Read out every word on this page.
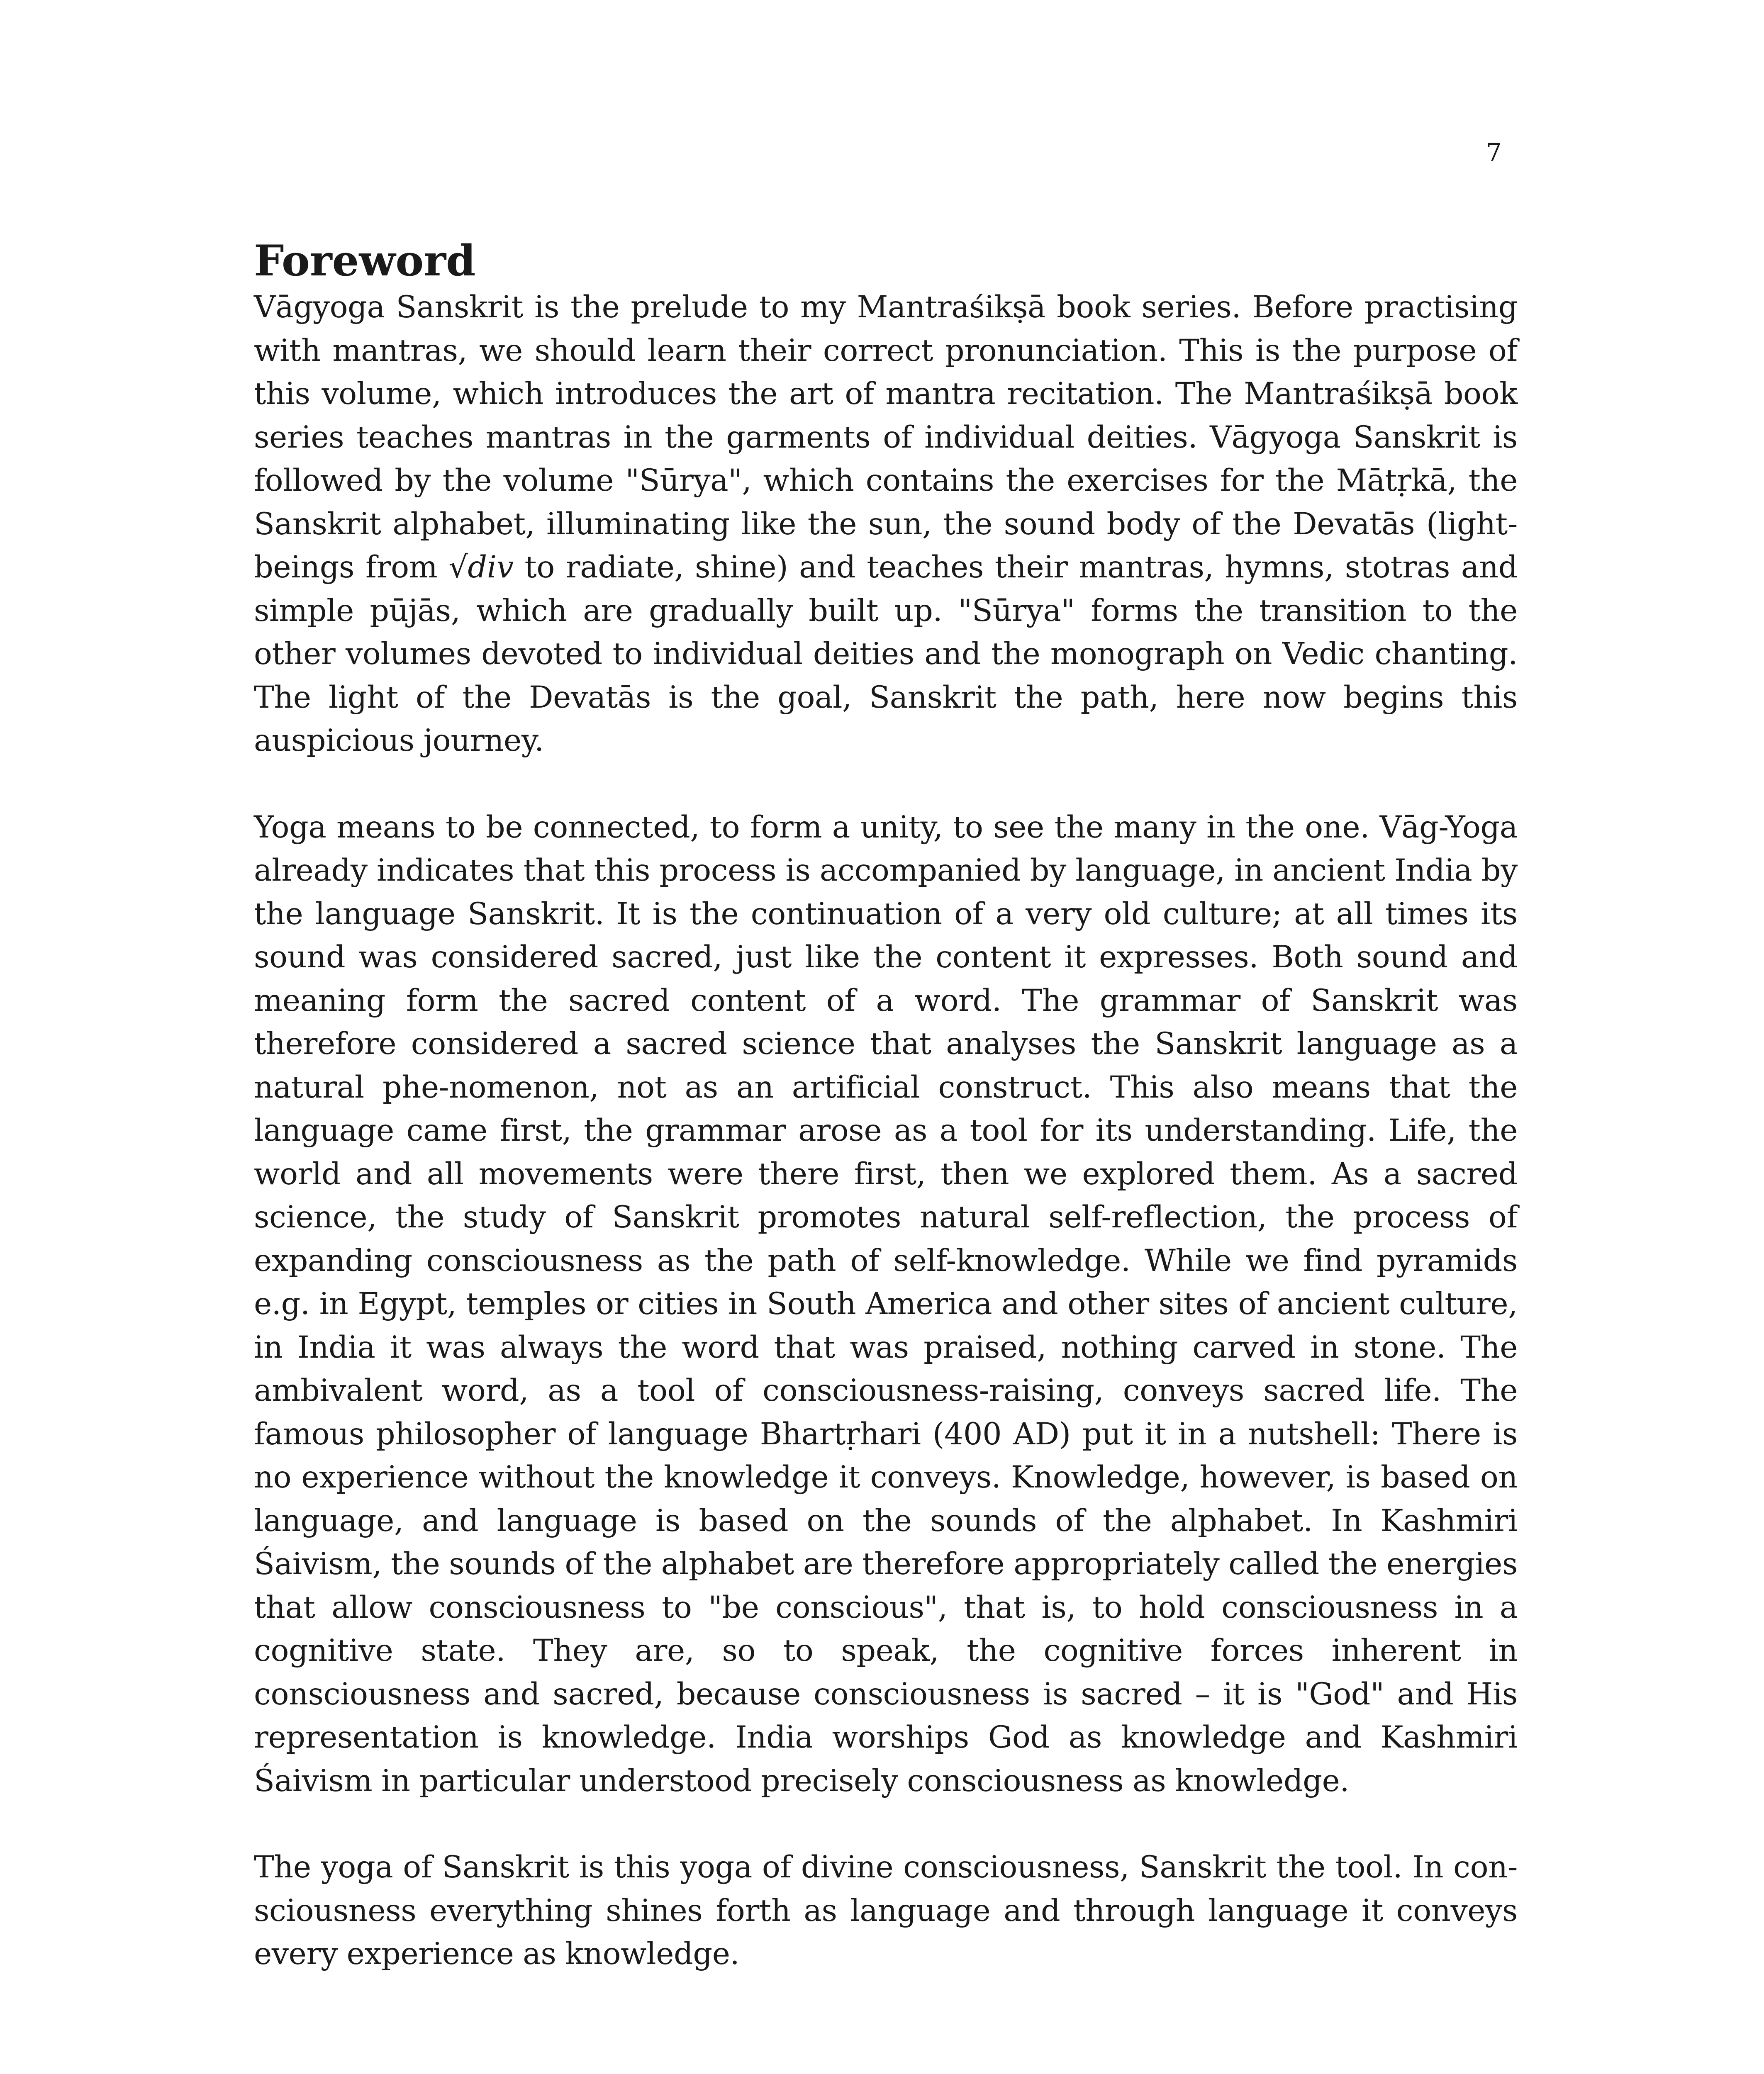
7
Foreword

Vāgyoga Sanskrit is the prelude to my Mantraśikṣā book series. Before practising with mantras, we should learn their correct pronunciation. This is the purpose of this volume, which introduces the art of mantra recitation. The Mantraśikṣā book series teaches mantras in the garments of individual deities. Vāgyoga Sanskrit is followed by the volume "Sūrya", which contains the exercises for the Mātṛkā, the Sanskrit alphabet, illuminating like the sun, the sound body of the Devatās (light-beings from √div to radiate, shine) and teaches their mantras, hymns, stotras and simple pūjās, which are gradually built up. "Sūrya" forms the transition to the other volumes devoted to individual deities and the monograph on Vedic chanting. The light of the Devatās is the goal, Sanskrit the path, here now begins this auspicious journey.

Yoga means to be connected, to form a unity, to see the many in the one. Vāg-Yoga already indicates that this process is accompanied by language, in ancient India by the language Sanskrit. It is the continuation of a very old culture; at all times its sound was considered sacred, just like the content it expresses. Both sound and meaning form the sacred content of a word. The grammar of Sanskrit was therefore considered a sacred science that analyses the Sanskrit language as a natural phe-nomenon, not as an artificial construct. This also means that the language came first, the grammar arose as a tool for its understanding. Life, the world and all movements were there first, then we explored them. As a sacred science, the study of Sanskrit promotes natural self-reflection, the process of expanding consciousness as the path of self-knowledge. While we find pyramids e.g. in Egypt, temples or cities in South America and other sites of ancient culture, in India it was always the word that was praised, nothing carved in stone. The ambivalent word, as a tool of consciousness-raising, conveys sacred life. The famous philosopher of language Bhartṛhari (400 AD) put it in a nutshell: There is no experience without the knowledge it conveys. Knowledge, however, is based on language, and language is based on the sounds of the alphabet. In Kashmiri Śaivism, the sounds of the alphabet are therefore appropriately called the energies that allow consciousness to "be conscious", that is, to hold consciousness in a cognitive state. They are, so to speak, the cognitive forces inherent in consciousness and sacred, because consciousness is sacred – it is "God" and His representation is knowledge. India worships God as knowledge and Kashmiri Śaivism in particular understood precisely consciousness as knowledge.

The yoga of Sanskrit is this yoga of divine consciousness, Sanskrit the tool. In con-sciousness everything shines forth as language and through language it conveys every experience as knowledge.
